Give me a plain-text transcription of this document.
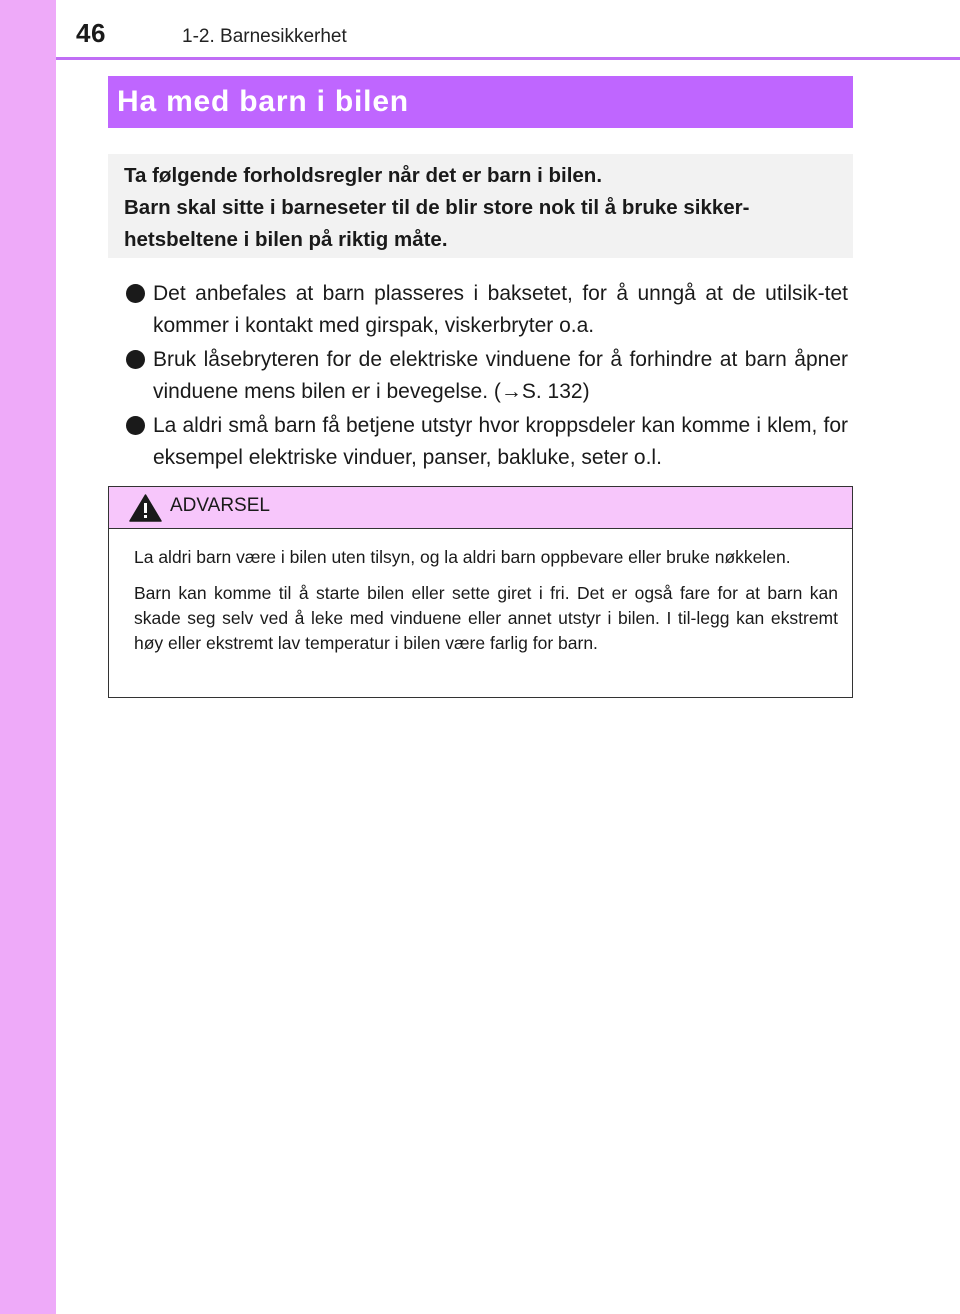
46	1-2. Barnesikkerhet
Ha med barn i bilen

Ta følgende forholdsregler når det er barn i bilen.

Barn skal sitte i barneseter til de blir store nok til å bruke sikker-hetsbeltene i bilen på riktig måte.

Det anbefales at barn plasseres i baksetet, for å unngå at de utilsik-tet kommer i kontakt med girspak, viskerbryter o.a.
Bruk låsebryteren for de elektriske vinduene for å forhindre at barn åpner vinduene mens bilen er i bevegelse. (→S. 132)
La aldri små barn få betjene utstyr hvor kroppsdeler kan komme i klem, for eksempel elektriske vinduer, panser, bakluke, seter o.l.
ADVARSEL

La aldri barn være i bilen uten tilsyn, og la aldri barn oppbevare eller bruke nøkkelen.

Barn kan komme til å starte bilen eller sette giret i fri. Det er også fare for at barn kan skade seg selv ved å leke med vinduene eller annet utstyr i bilen. I til-legg kan ekstremt høy eller ekstremt lav temperatur i bilen være farlig for barn.
